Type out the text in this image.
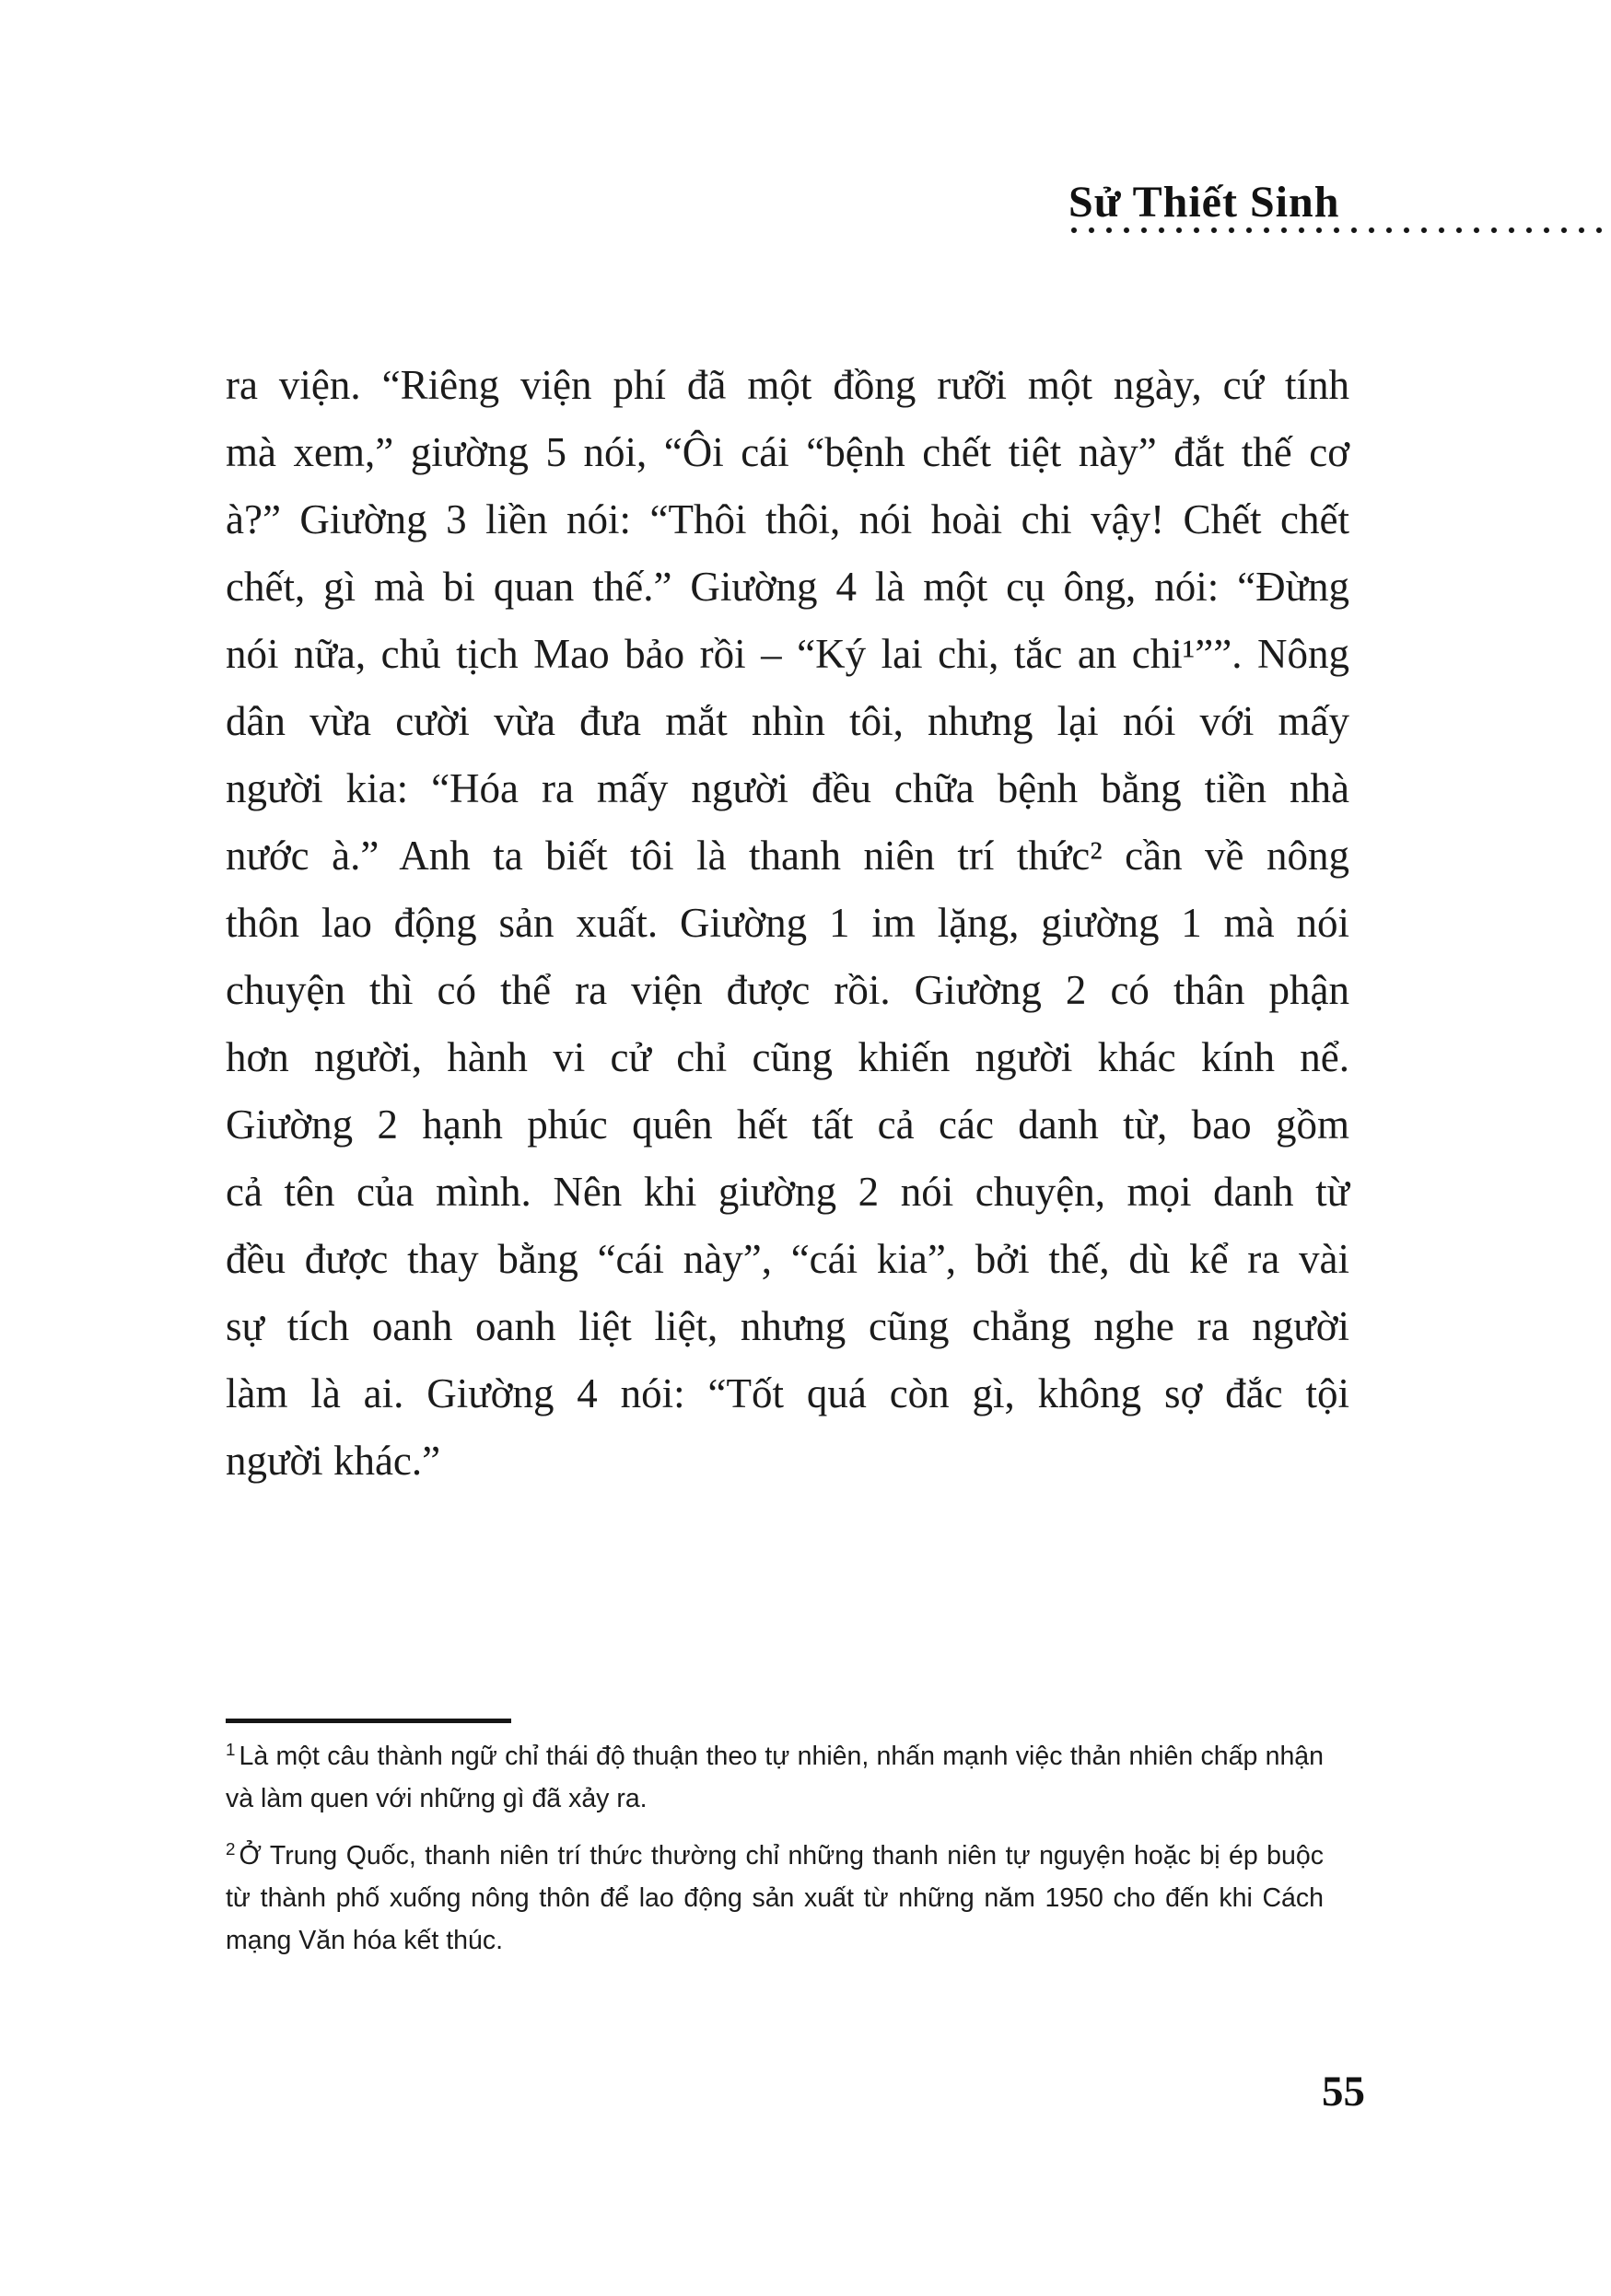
Sử Thiết Sinh
ra viện. “Riêng viện phí đã một đồng rưỡi một ngày, cứ tính
mà xem,” giường 5 nói, “Ôi cái “bệnh chết tiệt này” đắt thế cơ
à?” Giường 3 liền nói: “Thôi thôi, nói hoài chi vậy! Chết chết
chết, gì mà bi quan thế.” Giường 4 là một cụ ông, nói: “Đừng
nói nữa, chủ tịch Mao bảo rồi – “Ký lai chi, tắc an chi¹””. Nông
dân vừa cười vừa đưa mắt nhìn tôi, nhưng lại nói với mấy
người kia: “Hóa ra mấy người đều chữa bệnh bằng tiền nhà
nước à.” Anh ta biết tôi là thanh niên trí thức² cần về nông
thôn lao động sản xuất. Giường 1 im lặng, giường 1 mà nói
chuyện thì có thể ra viện được rồi. Giường 2 có thân phận
hơn người, hành vi cử chỉ cũng khiến người khác kính nể.
Giường 2 hạnh phúc quên hết tất cả các danh từ, bao gồm
cả tên của mình. Nên khi giường 2 nói chuyện, mọi danh từ
đều được thay bằng “cái này”, “cái kia”, bởi thế, dù kể ra vài
sự tích oanh oanh liệt liệt, nhưng cũng chẳng nghe ra người
làm là ai. Giường 4 nói: “Tốt quá còn gì, không sợ đắc tội
người khác.”
$^1$ Là một câu thành ngữ chỉ thái độ thuận theo tự nhiên, nhấn mạnh việc thản nhiên chấp nhận và làm quen với những gì đã xảy ra.
$^2$ Ở Trung Quốc, thanh niên trí thức thường chỉ những thanh niên tự nguyện hoặc bị ép buộc từ thành phố xuống nông thôn để lao động sản xuất từ những năm 1950 cho đến khi Cách mạng Văn hóa kết thúc.
55
